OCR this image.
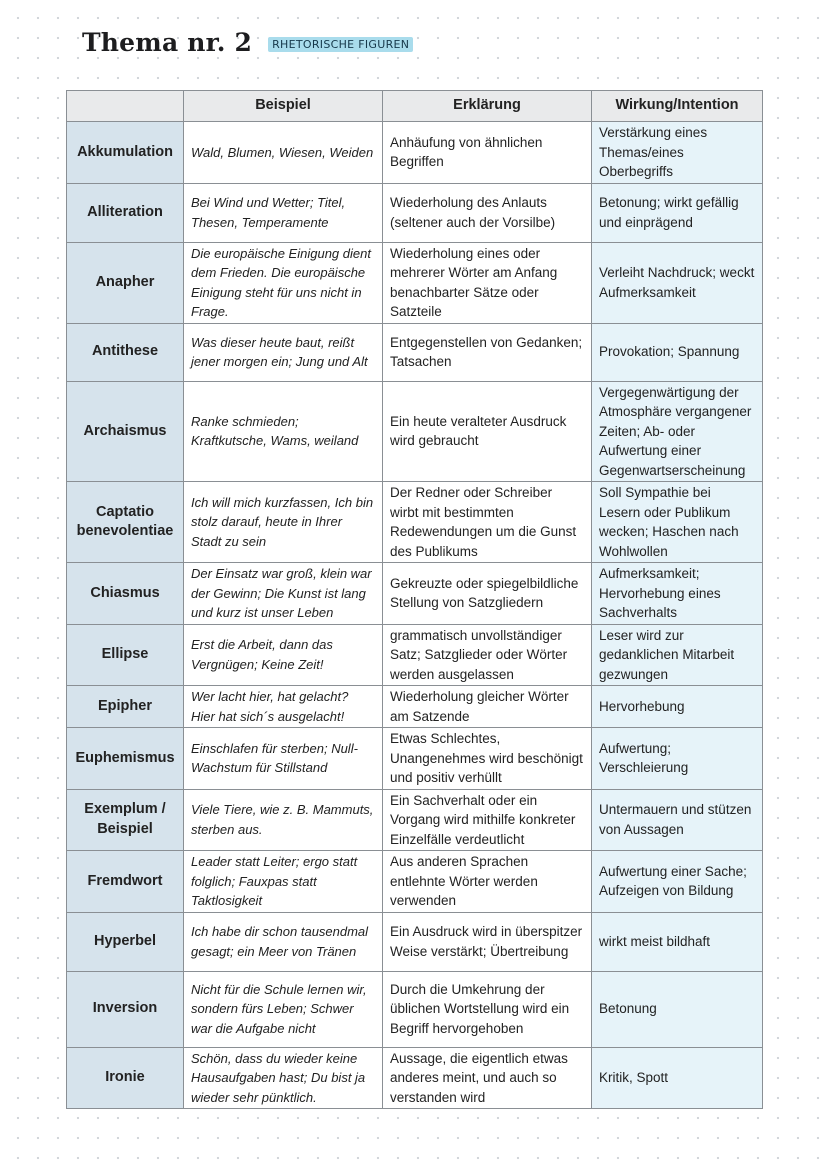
Thema nr. 2	RHETORISCHE FIGUREN
	Beispiel	Erklärung	Wirkung/Intention
Akkumulation	Wald, Blumen, Wiesen, Weiden	Anhäufung von ähnlichen Begriffen	Verstärkung eines Themas/eines Oberbegriffs
Alliteration	Bei Wind und Wetter; Titel, Thesen, Temperamente	Wiederholung des Anlauts (seltener auch der Vorsilbe)	Betonung; wirkt gefällig und einprägend
Anapher	Die europäische Einigung dient dem Frieden. Die europäische Einigung steht für uns nicht in Frage.	Wiederholung eines oder mehrerer Wörter am Anfang benachbarter Sätze oder Satzteile	Verleiht Nachdruck; weckt Aufmerksamkeit
Antithese	Was dieser heute baut, reißt jener morgen ein; Jung und Alt	Entgegenstellen von Gedanken; Tatsachen	Provokation; Spannung
Archaismus	Ranke schmieden; Kraftkutsche, Wams, weiland	Ein heute veralteter Ausdruck wird gebraucht	Vergegenwärtigung der Atmosphäre vergangener Zeiten; Ab- oder Aufwertung einer Gegenwartserscheinung
Captatio benevolentiae	Ich will mich kurzfassen, Ich bin stolz darauf, heute in Ihrer Stadt zu sein	Der Redner oder Schreiber wirbt mit bestimmten Redewendungen um die Gunst des Publikums	Soll Sympathie bei Lesern oder Publikum wecken; Haschen nach Wohlwollen
Chiasmus	Der Einsatz war groß, klein war der Gewinn; Die Kunst ist lang und kurz ist unser Leben	Gekreuzte oder spiegelbildliche Stellung von Satzgliedern	Aufmerksamkeit; Hervorhebung eines Sachverhalts
Ellipse	Erst die Arbeit, dann das Vergnügen; Keine Zeit!	grammatisch unvollständiger Satz; Satzglieder oder Wörter werden ausgelassen	Leser wird zur gedanklichen Mitarbeit gezwungen
Epipher	Wer lacht hier, hat gelacht? Hier hat sich´s ausgelacht!	Wiederholung gleicher Wörter am Satzende	Hervorhebung
Euphemismus	Einschlafen für sterben; Null-Wachstum für Stillstand	Etwas Schlechtes, Unangenehmes wird beschönigt und positiv verhüllt	Aufwertung; Verschleierung
Exemplum / Beispiel	Viele Tiere, wie z. B. Mammuts, sterben aus.	Ein Sachverhalt oder ein Vorgang wird mithilfe konkreter Einzelfälle verdeutlicht	Untermauern und stützen von Aussagen
Fremdwort	Leader statt Leiter; ergo statt folglich; Fauxpas statt Taktlosigkeit	Aus anderen Sprachen entlehnte Wörter werden verwenden	Aufwertung einer Sache; Aufzeigen von Bildung
Hyperbel	Ich habe dir schon tausendmal gesagt; ein Meer von Tränen	Ein Ausdruck wird in überspitzer Weise verstärkt; Übertreibung	wirkt meist bildhaft
Inversion	Nicht für die Schule lernen wir, sondern fürs Leben; Schwer war die Aufgabe nicht	Durch die Umkehrung der üblichen Wortstellung wird ein Begriff hervorgehoben	Betonung
Ironie	Schön, dass du wieder keine Hausaufgaben hast; Du bist ja wieder sehr pünktlich.	Aussage, die eigentlich etwas anderes meint, und auch so verstanden wird	Kritik, Spott
